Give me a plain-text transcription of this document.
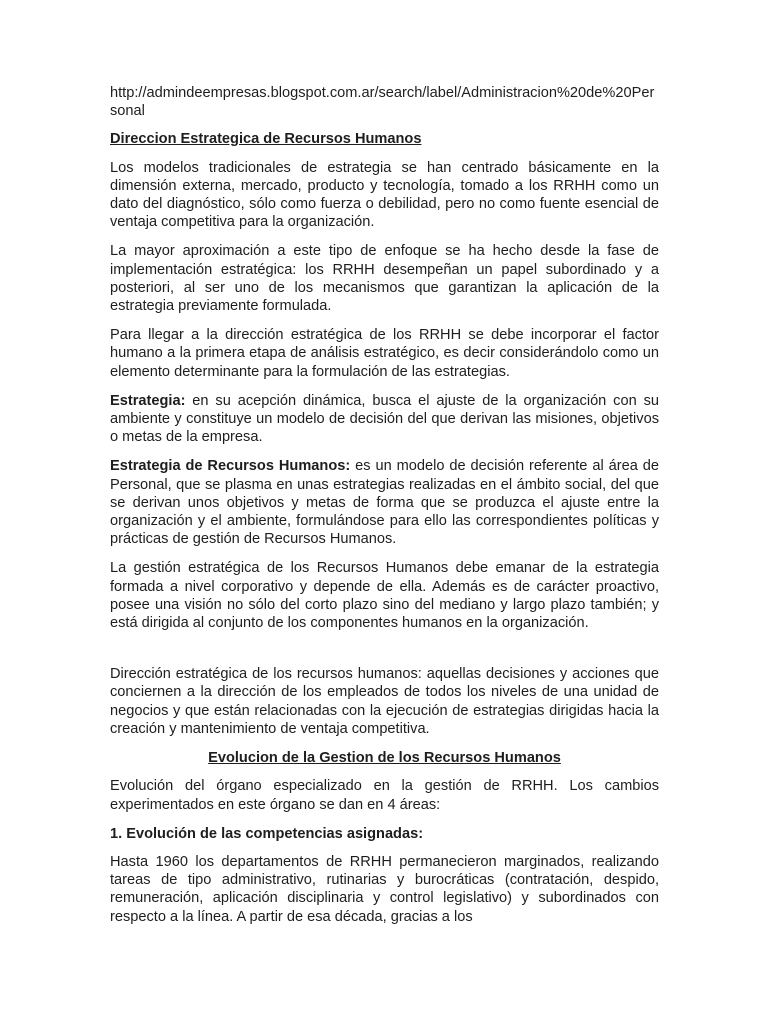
http://admindeempresas.blogspot.com.ar/search/label/Administracion%20de%20Personal
Direccion Estrategica de Recursos Humanos

Los modelos tradicionales de estrategia se han centrado básicamente en la dimensión externa, mercado, producto y tecnología, tomado a los RRHH como un dato del diagnóstico, sólo como fuerza o debilidad, pero no como fuente esencial de ventaja competitiva para la organización.

La mayor aproximación a este tipo de enfoque se ha hecho desde la fase de implementación estratégica: los RRHH desempeñan un papel subordinado y a posteriori, al ser uno de los mecanismos que garantizan la aplicación de la estrategia previamente formulada.

Para llegar a la dirección estratégica de los RRHH se debe incorporar el factor humano a la primera etapa de análisis estratégico, es decir considerándolo como un elemento determinante para la formulación de las estrategias.

Estrategia: en su acepción dinámica, busca el ajuste de la organización con su ambiente y constituye un modelo de decisión del que derivan las misiones, objetivos o metas de la empresa.

Estrategia de Recursos Humanos: es un modelo de decisión referente al área de Personal, que se plasma en unas estrategias realizadas en el ámbito social, del que se derivan unos objetivos y metas de forma que se produzca el ajuste entre la organización y el ambiente, formulándose para ello las correspondientes políticas y prácticas de gestión de Recursos Humanos.

La gestión estratégica de los Recursos Humanos debe emanar de la estrategia formada a nivel corporativo y depende de ella. Además es de carácter proactivo, posee una visión no sólo del corto plazo sino del mediano y largo plazo también; y está dirigida al conjunto de los componentes humanos en la organización.

Dirección estratégica de los recursos humanos: aquellas decisiones y acciones que conciernen a la dirección de los empleados de todos los niveles de una unidad de negocios y que están relacionadas con la ejecución de estrategias dirigidas hacia la creación y mantenimiento de ventaja competitiva.

Evolucion de la Gestion de los Recursos Humanos

Evolución del órgano especializado en la gestión de RRHH. Los cambios experimentados en este órgano se dan en 4 áreas:

1. Evolución de las competencias asignadas:

Hasta 1960 los departamentos de RRHH permanecieron marginados, realizando tareas de tipo administrativo, rutinarias y burocráticas (contratación, despido, remuneración, aplicación disciplinaria y control legislativo) y subordinados con respecto a la línea. A partir de esa década, gracias a los
